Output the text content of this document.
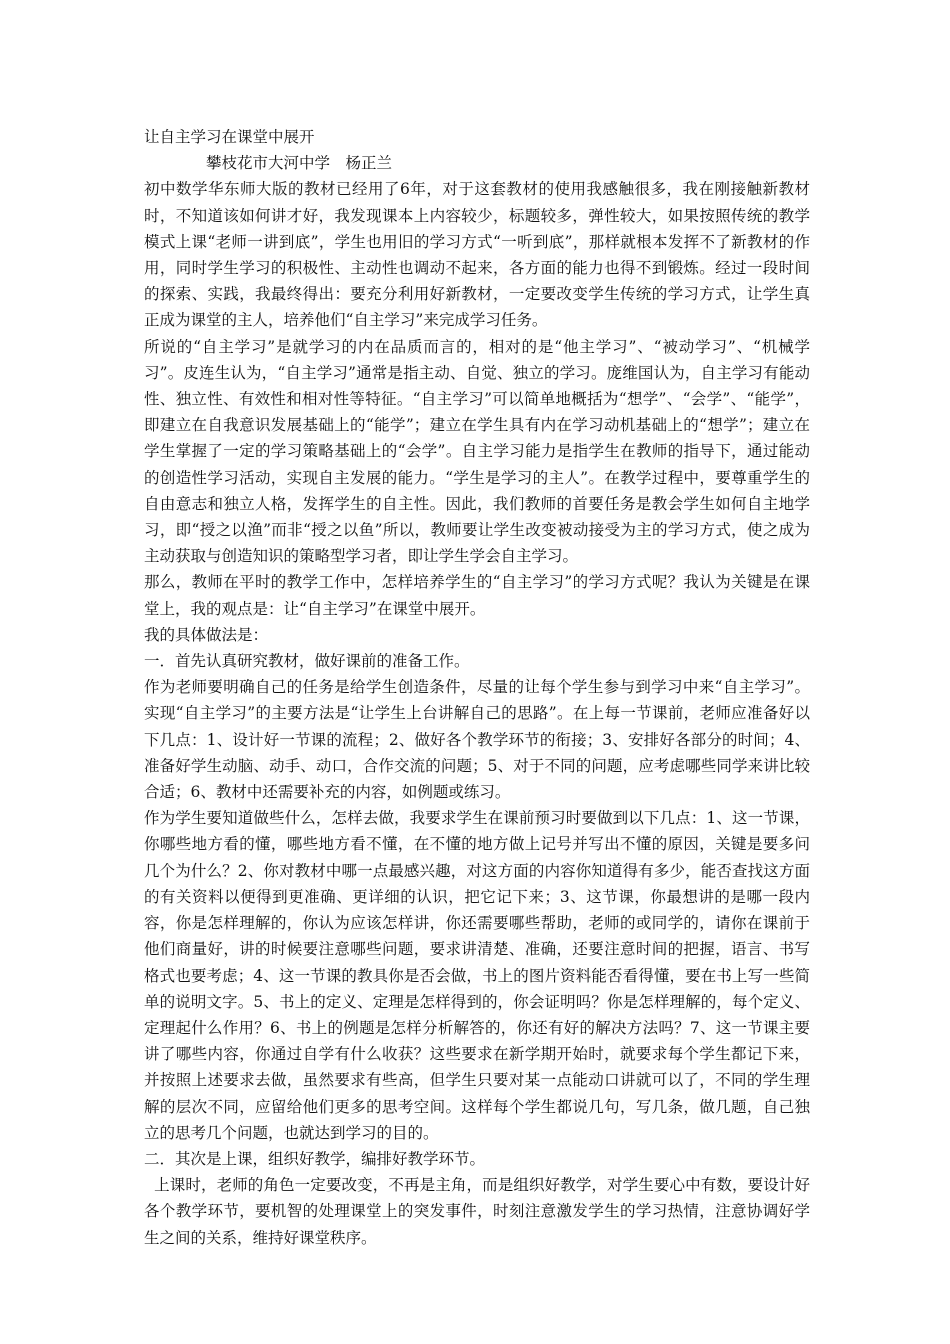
让自主学习在课堂中展开

攀枝花市大河中学　杨正兰

初中数学华东师大版的教材已经用了6年，对于这套教材的使用我感触很多，我在刚接触新教材时，不知道该如何讲才好，我发现课本上内容较少，标题较多，弹性较大，如果按照传统的教学模式上课“老师一讲到底”，学生也用旧的学习方式“一听到底”，那样就根本发挥不了新教材的作用，同时学生学习的积极性、主动性也调动不起来，各方面的能力也得不到锻炼。经过一段时间的探索、实践，我最终得出：要充分利用好新教材，一定要改变学生传统的学习方式，让学生真正成为课堂的主人，培养他们“自主学习”来完成学习任务。

所说的“自主学习”是就学习的内在品质而言的，相对的是“他主学习”、“被动学习”、“机械学习”。皮连生认为，“自主学习”通常是指主动、自觉、独立的学习。庞维国认为，自主学习有能动性、独立性、有效性和相对性等特征。“自主学习”可以简单地概括为“想学”、“会学”、“能学”，即建立在自我意识发展基础上的“能学”；建立在学生具有内在学习动机基础上的“想学”；建立在学生掌握了一定的学习策略基础上的“会学”。自主学习能力是指学生在教师的指导下，通过能动的创造性学习活动，实现自主发展的能力。“学生是学习的主人”。在教学过程中，要尊重学生的自由意志和独立人格，发挥学生的自主性。因此，我们教师的首要任务是教会学生如何自主地学习，即“授之以渔”而非“授之以鱼”所以，教师要让学生改变被动接受为主的学习方式，使之成为主动获取与创造知识的策略型学习者，即让学生学会自主学习。

那么，教师在平时的教学工作中，怎样培养学生的“自主学习”的学习方式呢？我认为关键是在课堂上，我的观点是：让“自主学习”在课堂中展开。

我的具体做法是：

一．首先认真研究教材，做好课前的准备工作。

作为老师要明确自己的任务是给学生创造条件，尽量的让每个学生参与到学习中来“自主学习”。实现“自主学习”的主要方法是“让学生上台讲解自己的思路”。在上每一节课前，老师应准备好以下几点：1、设计好一节课的流程；2、做好各个教学环节的衔接；3、安排好各部分的时间；4、准备好学生动脑、动手、动口，合作交流的问题；5、对于不同的问题，应考虑哪些同学来讲比较合适；6、教材中还需要补充的内容，如例题或练习。

作为学生要知道做些什么，怎样去做，我要求学生在课前预习时要做到以下几点：1、这一节课，你哪些地方看的懂，哪些地方看不懂，在不懂的地方做上记号并写出不懂的原因，关键是要多问几个为什么？2、你对教材中哪一点最感兴趣，对这方面的内容你知道得有多少，能否查找这方面的有关资料以便得到更准确、更详细的认识，把它记下来；3、这节课，你最想讲的是哪一段内容，你是怎样理解的，你认为应该怎样讲，你还需要哪些帮助，老师的或同学的，请你在课前于他们商量好，讲的时候要注意哪些问题，要求讲清楚、准确，还要注意时间的把握，语言、书写格式也要考虑；4、这一节课的教具你是否会做，书上的图片资料能否看得懂，要在书上写一些简单的说明文字。5、书上的定义、定理是怎样得到的，你会证明吗？你是怎样理解的，每个定义、定理起什么作用？6、书上的例题是怎样分析解答的，你还有好的解决方法吗？7、这一节课主要讲了哪些内容，你通过自学有什么收获？这些要求在新学期开始时，就要求每个学生都记下来，并按照上述要求去做，虽然要求有些高，但学生只要对某一点能动口讲就可以了，不同的学生理解的层次不同，应留给他们更多的思考空间。这样每个学生都说几句，写几条，做几题，自己独立的思考几个问题，也就达到学习的目的。

二．其次是上课，组织好教学，编排好教学环节。

上课时，老师的角色一定要改变，不再是主角，而是组织好教学，对学生要心中有数，要设计好各个教学环节，要机智的处理课堂上的突发事件，时刻注意激发学生的学习热情，注意协调好学生之间的关系，维持好课堂秩序。
